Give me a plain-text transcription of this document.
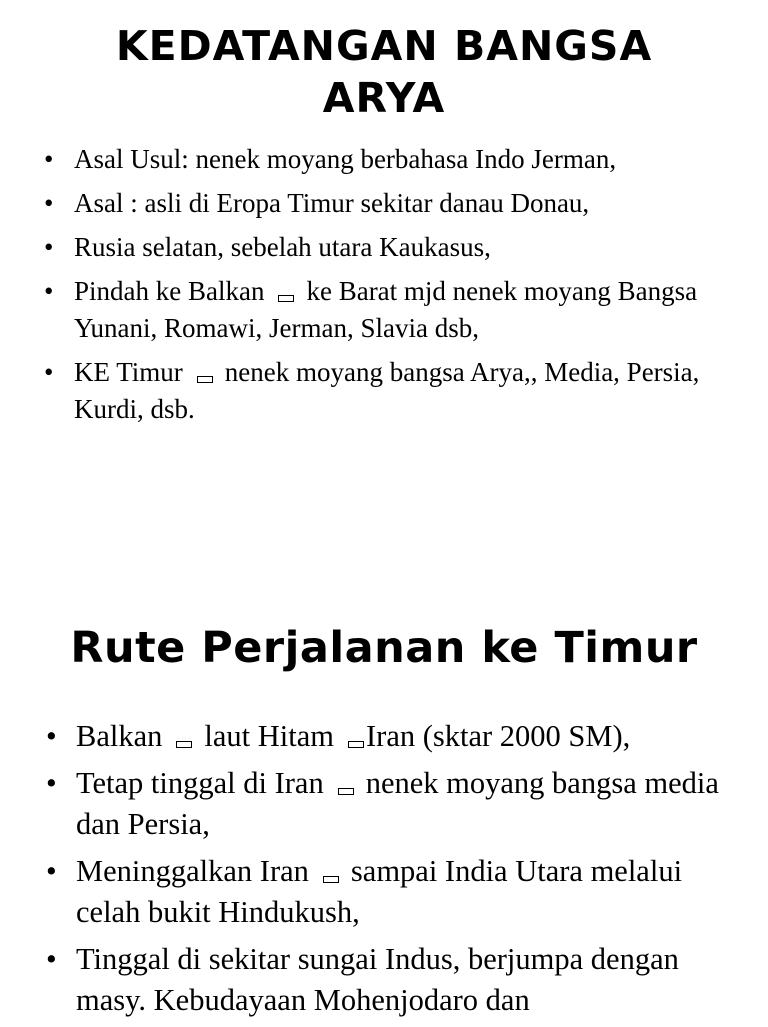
KEDATANGAN BANGSA ARYA
• Asal Usul: nenek moyang berbahasa Indo Jerman,
• Asal : asli di Eropa Timur sekitar danau Donau,
• Rusia selatan, sebelah utara Kaukasus,
• Pindah ke Balkan ke Barat mjd nenek moyang Bangsa Yunani, Romawi, Jerman, Slavia dsb,
• KE Timur nenek moyang bangsa Arya,, Media, Persia, Kurdi, dsb.
Rute Perjalanan ke Timur
• Balkan laut Hitam Iran (sktar 2000 SM),
• Tetap tinggal di Iran nenek moyang bangsa media dan Persia,
• Meninggalkan Iran sampai India Utara melalui celah bukit Hindukush,
• Tinggal di sekitar sungai Indus, berjumpa dengan masy. Kebudayaan Mohenjodaro dan
